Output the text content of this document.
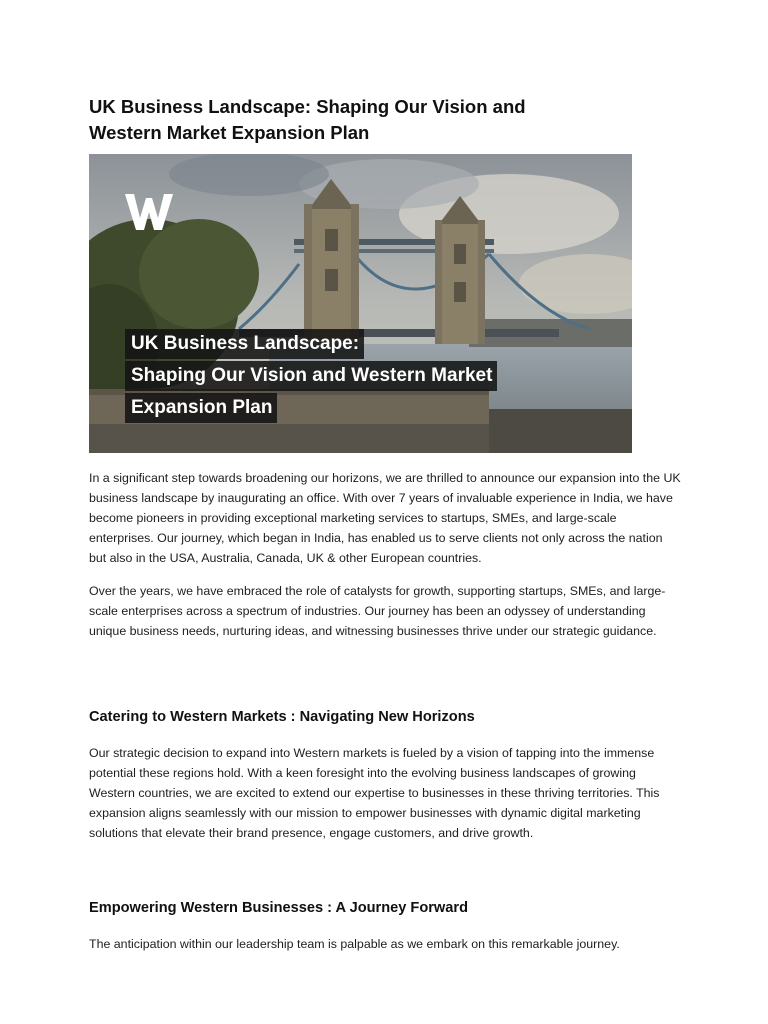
UK Business Landscape: Shaping Our Vision and Western Market Expansion Plan
UK Business Landscape:
Shaping Our Vision and Western Market
Expansion Plan

In a significant step towards broadening our horizons, we are thrilled to announce our expansion into the UK business landscape by inaugurating an office. With over 7 years of invaluable experience in India, we have become pioneers in providing exceptional marketing services to startups, SMEs, and large-scale enterprises. Our journey, which began in India, has enabled us to serve clients not only across the nation but also in the USA, Australia, Canada, UK & other European countries.

Over the years, we have embraced the role of catalysts for growth, supporting startups, SMEs, and large-scale enterprises across a spectrum of industries. Our journey has been an odyssey of understanding unique business needs, nurturing ideas, and witnessing businesses thrive under our strategic guidance.

Catering to Western Markets : Navigating New Horizons

Our strategic decision to expand into Western markets is fueled by a vision of tapping into the immense potential these regions hold. With a keen foresight into the evolving business landscapes of growing Western countries, we are excited to extend our expertise to businesses in these thriving territories. This expansion aligns seamlessly with our mission to empower businesses with dynamic digital marketing solutions that elevate their brand presence, engage customers, and drive growth.

Empowering Western Businesses : A Journey Forward

The anticipation within our leadership team is palpable as we embark on this remarkable journey.
